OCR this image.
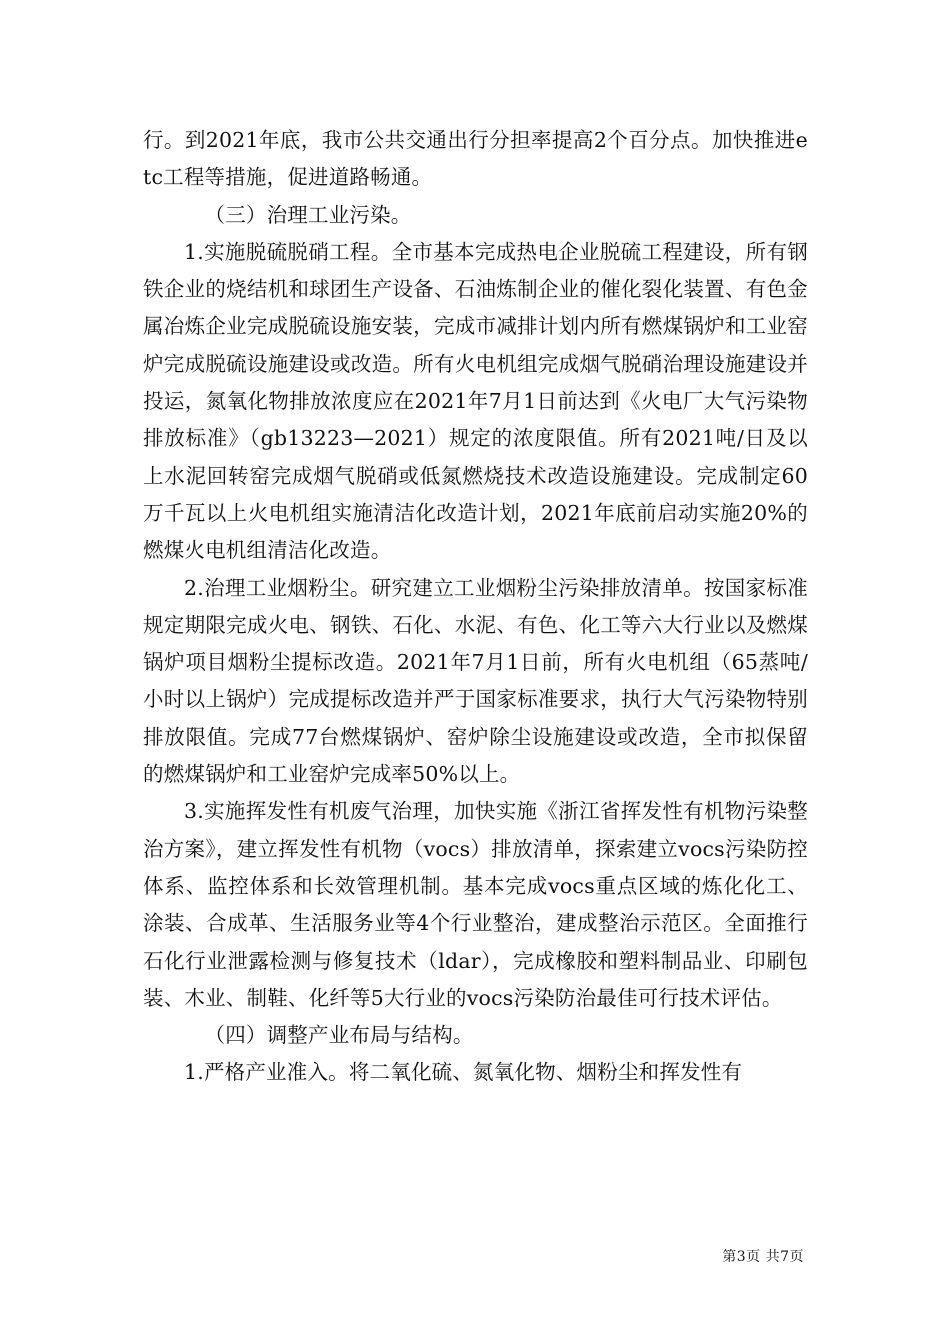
行。到2021年底，我市公共交通出行分担率提高2个百分点。加快推进etc工程等措施，促进道路畅通。

（三）治理工业污染。

1.实施脱硫脱硝工程。全市基本完成热电企业脱硫工程建设，所有钢铁企业的烧结机和球团生产设备、石油炼制企业的催化裂化装置、有色金属冶炼企业完成脱硫设施安装，完成市减排计划内所有燃煤锅炉和工业窑炉完成脱硫设施建设或改造。所有火电机组完成烟气脱硝治理设施建设并投运，氮氧化物排放浓度应在2021年7月1日前达到《火电厂大气污染物排放标准》（gb13223—2021）规定的浓度限值。所有2021吨/日及以上水泥回转窑完成烟气脱硝或低氮燃烧技术改造设施建设。完成制定60万千瓦以上火电机组实施清洁化改造计划，2021年底前启动实施20%的燃煤火电机组清洁化改造。

2.治理工业烟粉尘。研究建立工业烟粉尘污染排放清单。按国家标准规定期限完成火电、钢铁、石化、水泥、有色、化工等六大行业以及燃煤锅炉项目烟粉尘提标改造。2021年7月1日前，所有火电机组（65蒸吨/小时以上锅炉）完成提标改造并严于国家标准要求，执行大气污染物特别排放限值。完成77台燃煤锅炉、窑炉除尘设施建设或改造，全市拟保留的燃煤锅炉和工业窑炉完成率50%以上。

3.实施挥发性有机废气治理，加快实施《浙江省挥发性有机物污染整治方案》，建立挥发性有机物（vocs）排放清单，探索建立vocs污染防控体系、监控体系和长效管理机制。基本完成vocs重点区域的炼化化工、涂装、合成革、生活服务业等4个行业整治，建成整治示范区。全面推行石化行业泄露检测与修复技术（ldar），完成橡胶和塑料制品业、印刷包装、木业、制鞋、化纤等5大行业的vocs污染防治最佳可行技术评估。

（四）调整产业布局与结构。

1.严格产业准入。将二氧化硫、氮氧化物、烟粉尘和挥发性有

第3页 共7页
